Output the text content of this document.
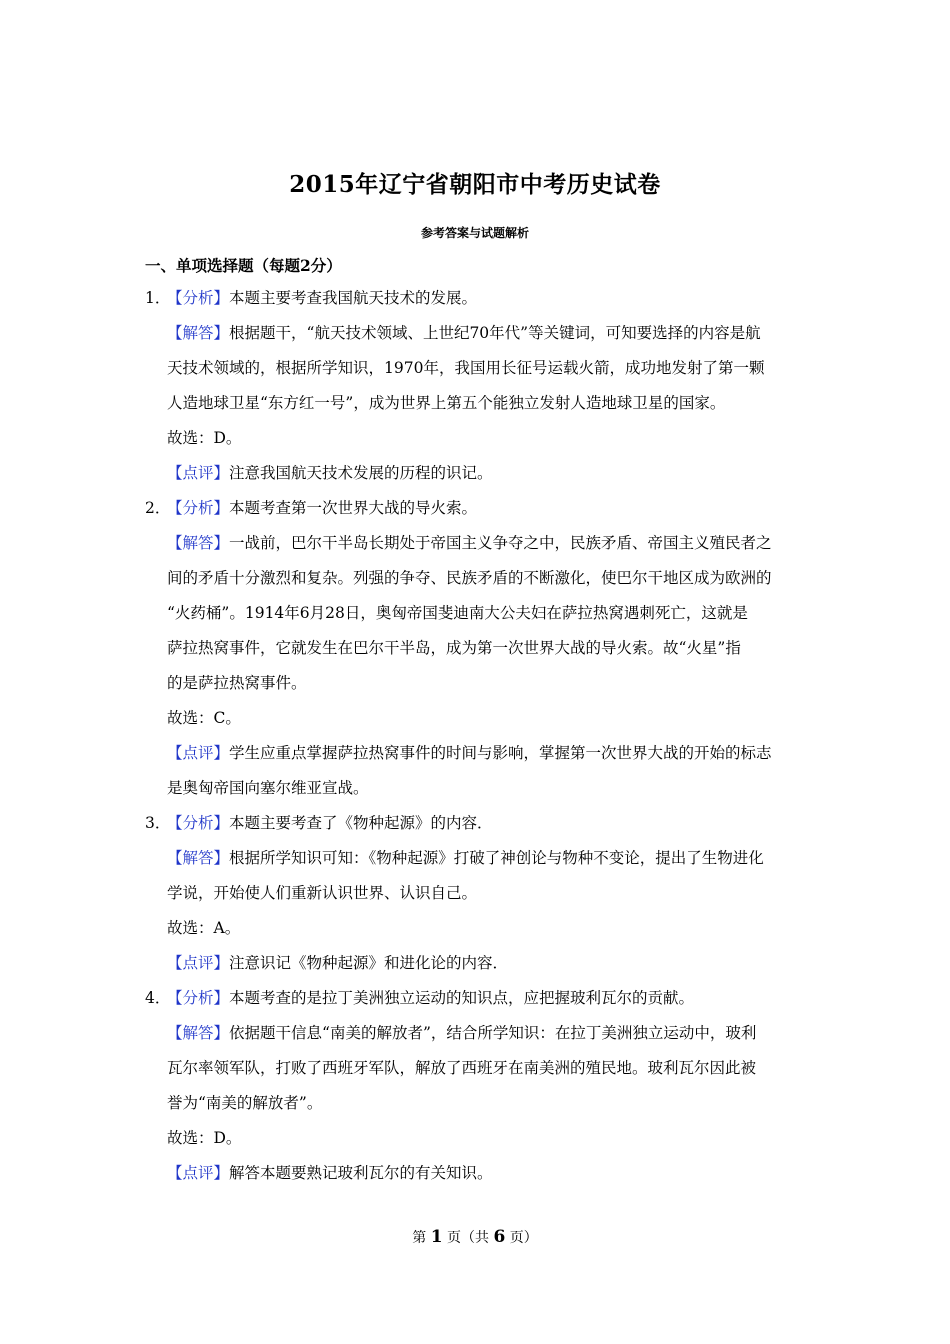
2015年辽宁省朝阳市中考历史试卷
参考答案与试题解析
一、单项选择题（每题2分）
1．
【分析】本题主要考查我国航天技术的发展。
【解答】根据题干，“航天技术领域、上世纪70年代”等关键词，可知要选择的内容是航
天技术领域的，根据所学知识，1970年，我国用长征号运载火箭，成功地发射了第一颗
人造地球卫星“东方红一号”，成为世界上第五个能独立发射人造地球卫星的国家。
故选：D。
【点评】注意我国航天技术发展的历程的识记。
2．
【分析】本题考查第一次世界大战的导火索。
【解答】一战前，巴尔干半岛长期处于帝国主义争夺之中，民族矛盾、帝国主义殖民者之
间的矛盾十分激烈和复杂。列强的争夺、民族矛盾的不断激化，使巴尔干地区成为欧洲的
“火药桶”。1914年6月28日，奥匈帝国斐迪南大公夫妇在萨拉热窝遇刺死亡，这就是
萨拉热窝事件，它就发生在巴尔干半岛，成为第一次世界大战的导火索。故“火星”指
的是萨拉热窝事件。
故选：C。
【点评】学生应重点掌握萨拉热窝事件的时间与影响，掌握第一次世界大战的开始的标志
是奥匈帝国向塞尔维亚宣战。
3．
【分析】本题主要考查了《物种起源》的内容．
【解答】根据所学知识可知：《物种起源》打破了神创论与物种不变论，提出了生物进化
学说，开始使人们重新认识世界、认识自己。
故选：A。
【点评】注意识记《物种起源》和进化论的内容．
4．
【分析】本题考查的是拉丁美洲独立运动的知识点，应把握玻利瓦尔的贡献。
【解答】依据题干信息“南美的解放者”，结合所学知识：在拉丁美洲独立运动中，玻利
瓦尔率领军队，打败了西班牙军队，解放了西班牙在南美洲的殖民地。玻利瓦尔因此被
誉为“南美的解放者”。
故选：D。
【点评】解答本题要熟记玻利瓦尔的有关知识。
第 1 页（共 6 页）
